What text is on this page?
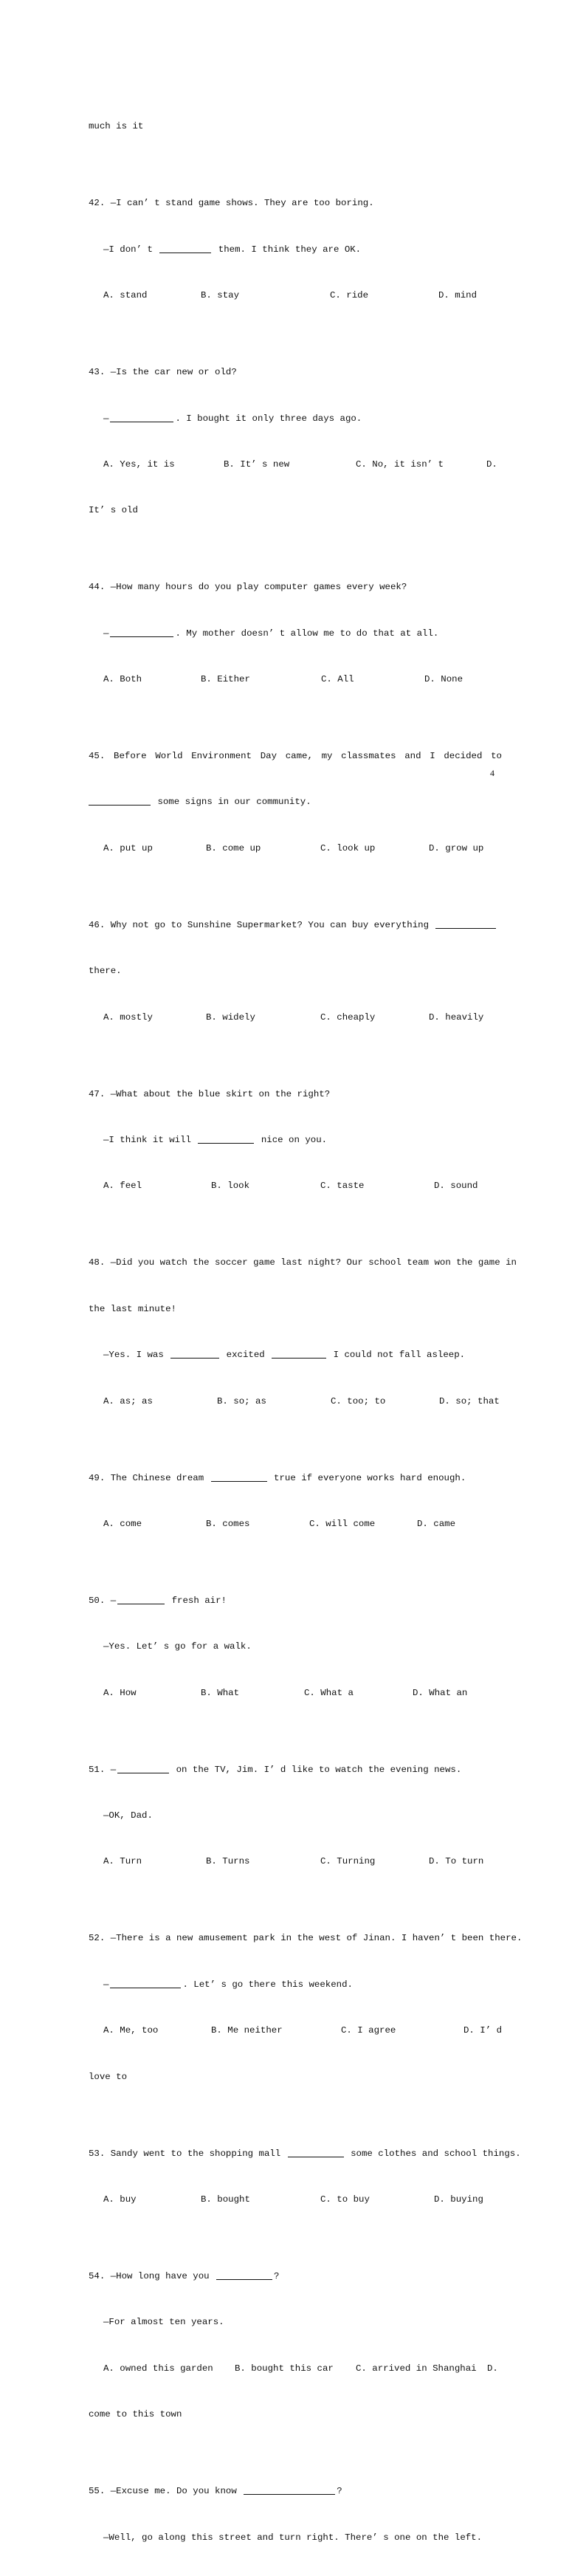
much is it

42. —I can’ t stand game shows. They are too boring.

—I don’ t	them. I think they are OK.

A. stand	B. stay	C. ride	D. mind

43. —Is the car new or old?

—	. I bought it only three days ago.

A. Yes, it is	B. It’ s new	C. No, it isn’ t	D.

It’ s old

44. —How many hours do you play computer games every week?

—	. My mother doesn’ t allow me to do that at all.

A. Both	B. Either	C. All	D. None

45. Before World Environment Day came, my classmates and I decided to

some signs in our community.

A. put up	B. come up	C. look up	D. grow up

46. Why not go to Sunshine Supermarket? You can buy everything

there.

A. mostly	B. widely	C. cheaply	D. heavily

47. —What about the blue skirt on the right?

—I think it will	nice on you.

A. feel	B. look	C. taste	D. sound

48. —Did you watch the soccer game last night? Our school team won the game in

the last minute!

—Yes. I was	excited	I could not fall asleep.

A. as; as	B. so; as	C. too; to	D. so; that

49. The Chinese dream	true if everyone works hard enough.

A. come	B. comes	C. will come	D. came

50. —	fresh air!

—Yes. Let’ s go for a walk.

A. How	B. What	C. What a	D. What an

51. —	on the TV, Jim. I’ d like to watch the evening news.

—OK, Dad.

A. Turn	B. Turns	C. Turning	D. To turn

52. —There is a new amusement park in the west of Jinan. I haven’ t been there.

—	. Let’ s go there this weekend.

A. Me, too	B. Me neither	C. I agree	D. I’ d

love to

53. Sandy went to the shopping mall	some clothes and school things.

A. buy	B. bought	C. to buy	D. buying

54. —How long have you	?

—For almost ten years.

A. owned this garden	B. bought this car	C. arrived in Shanghai	D.

come to this town

55. —Excuse me. Do you know	?

—Well, go along this street and turn right. There’ s one on the left.

4
